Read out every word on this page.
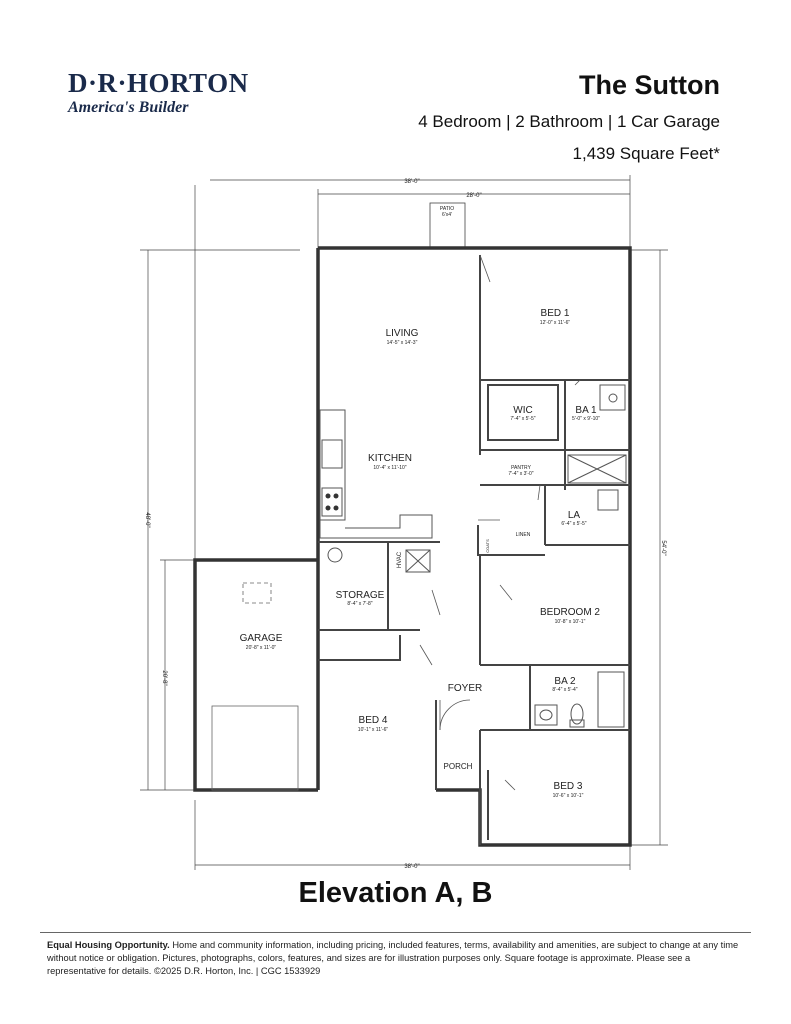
D·R·HORTON
America's Builder
The Sutton
4 Bedroom | 2 Bathroom | 1 Car Garage
1,439 Square Feet*
38'-0"
28'-0"
48'-0"
20'-8"
54'-0"
38'-0"
PATIO
6'x4'
LIVING
14'-5" x 14'-3"
BED 1
12'-0" x 11'-6"
WIC
7'-4" x 5'-5"
BA 1
5'-0" x 9'-10"
PANTRY
7'-4" x 3'-0"
KITCHEN
10'-4" x 11'-10"
LA
6'-4" x 5'-5"
LINEN
STORAGE
8'-4" x 7'-8"
GARAGE
20'-8" x 11'-0"
BEDROOM 2
10'-8" x 10'-1"
FOYER
BA 2
8'-4" x 5'-4"
BED 4
10'-1" x 11'-6"
PORCH
BED 3
10'-6" x 10'-1"
HVAC
COATS
Elevation A, B
Equal Housing Opportunity. Home and community information, including pricing, included features, terms, availability and amenities, are subject to change at any time without notice or obligation. Pictures, photographs, colors, features, and sizes are for illustration purposes only. Square footage is approximate. Please see a representative for details. ©2025 D.R. Horton, Inc. | CGC 1533929
